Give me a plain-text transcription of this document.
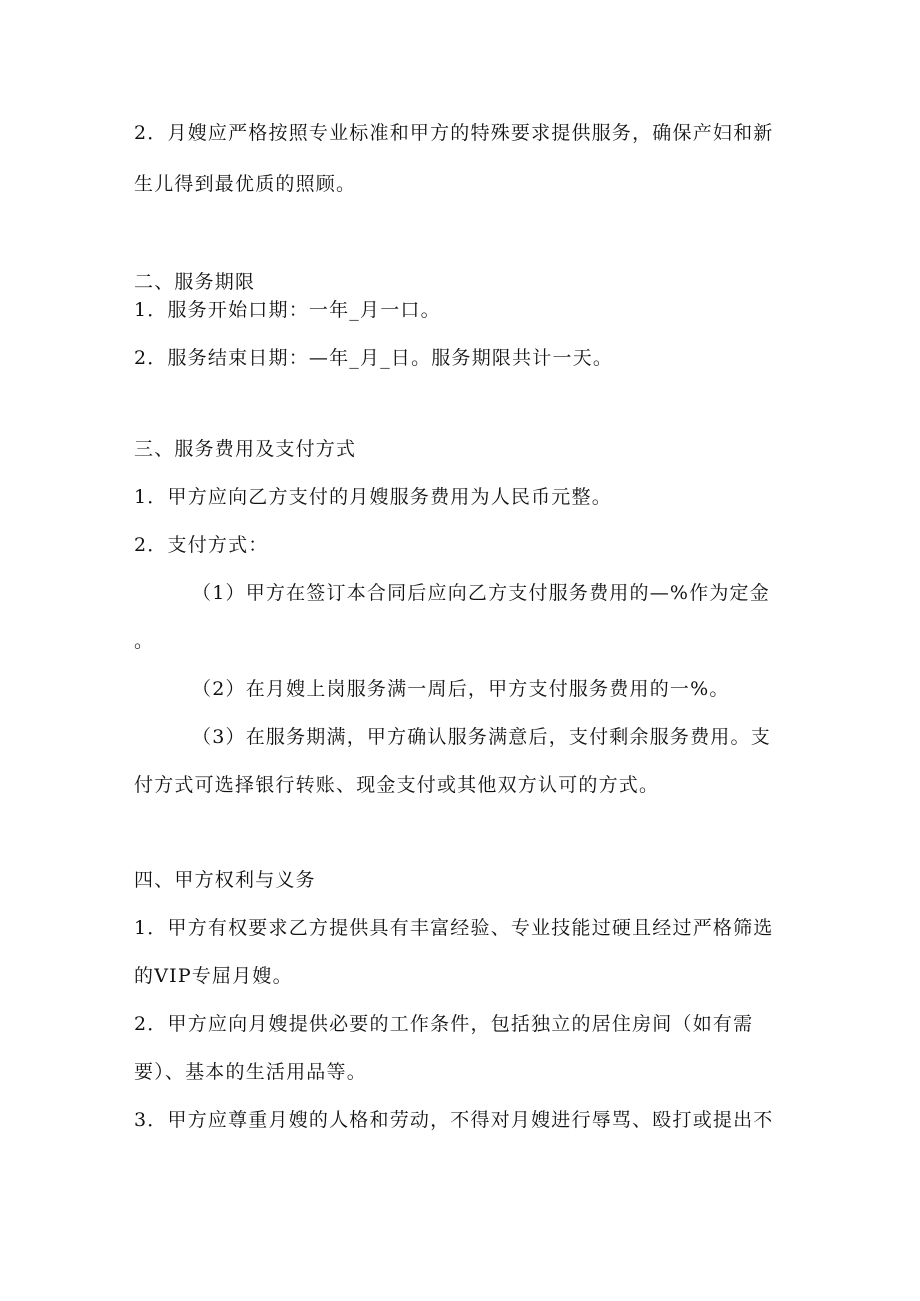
2．月嫂应严格按照专业标准和甲方的特殊要求提供服务，确保产妇和新
生儿得到最优质的照顾。
二、服务期限
1．服务开始口期：一年_月一口。
2．服务结束日期：—年_月_日。服务期限共计一天。
三、服务费用及支付方式
1．甲方应向乙方支付的月嫂服务费用为人民币元整。
2．支付方式：
（1）甲方在签订本合同后应向乙方支付服务费用的—%作为定金
。
（2）在月嫂上岗服务满一周后，甲方支付服务费用的一%。
（3）在服务期满，甲方确认服务满意后，支付剩余服务费用。支
付方式可选择银行转账、现金支付或其他双方认可的方式。
四、甲方权利与义务
1．甲方有权要求乙方提供具有丰富经验、专业技能过硬且经过严格筛选
的VIP专屈月嫂。
2．甲方应向月嫂提供必要的工作条件，包括独立的居住房间（如有需
要）、基本的生活用品等。
3．甲方应尊重月嫂的人格和劳动，不得对月嫂进行辱骂、殴打或提出不
